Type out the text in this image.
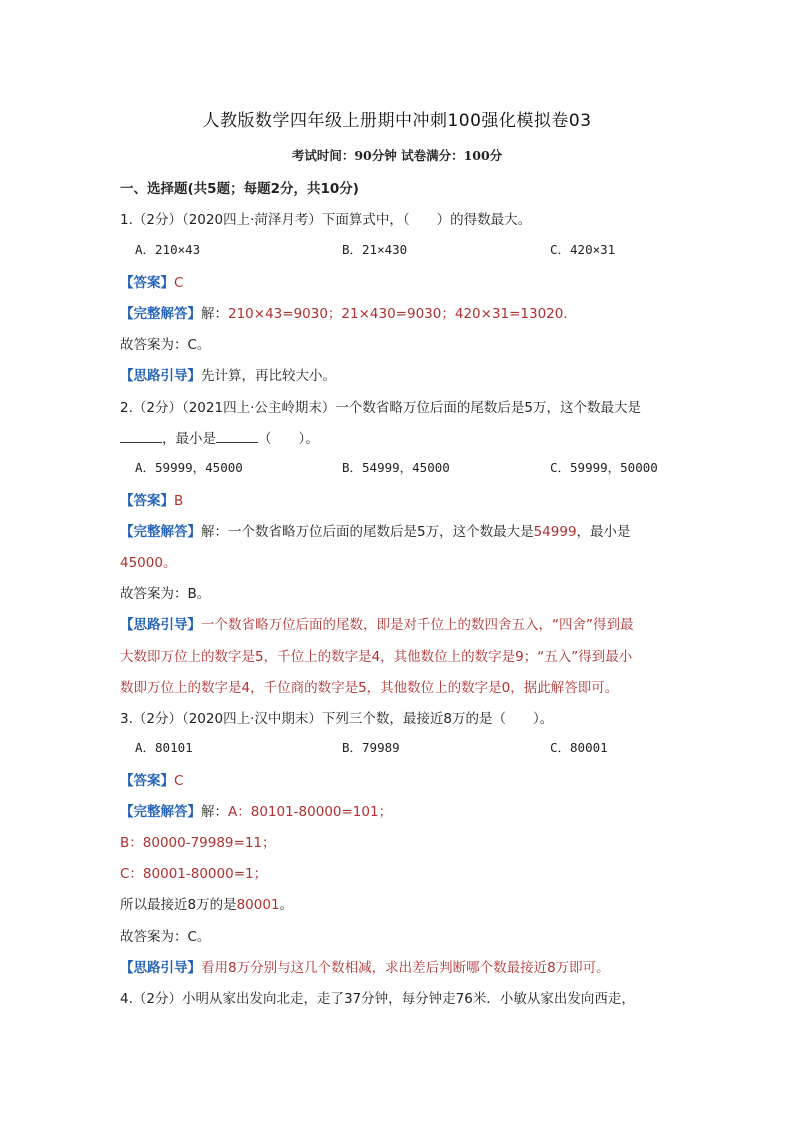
人教版数学四年级上册期中冲刺100强化模拟卷03
考试时间：90分钟 试卷满分：100分
一、选择题(共5题；每题2分，共10分)
1.（2分）（2020四上·菏泽月考）下面算式中，（　　）的得数最大。
A．210×43	B．21×430	C．420×31
【答案】C
【完整解答】解：210×43=9030；21×430=9030；420×31=13020.
故答案为：C。
【思路引导】先计算，再比较大小。
2.（2分）（2021四上·公主岭期末）一个数省略万位后面的尾数后是5万，这个数最大是
，最小是	（　　）。
A．59999，45000	B．54999，45000	C．59999，50000
【答案】B
【完整解答】解：一个数省略万位后面的尾数后是5万，这个数最大是54999，最小是
45000。
故答案为：B。
【思路引导】一个数省略万位后面的尾数，即是对千位上的数四舍五入，“四舍”得到最
大数即万位上的数字是5，千位上的数字是4，其他数位上的数字是9；“五入”得到最小
数即万位上的数字是4，千位商的数字是5，其他数位上的数字是0，据此解答即可。
3.（2分）（2020四上·汉中期末）下列三个数，最接近8万的是（　　）。
A．80101	B．79989	C．80001
【答案】C
【完整解答】解：A：80101-80000=101；
B：80000-79989=11；
C：80001-80000=1；
所以最接近8万的是80001。
故答案为：C。
【思路引导】看用8万分别与这几个数相减，求出差后判断哪个数最接近8万即可。
4.（2分）小明从家出发向北走，走了37分钟，每分钟走76米．小敏从家出发向西走，
